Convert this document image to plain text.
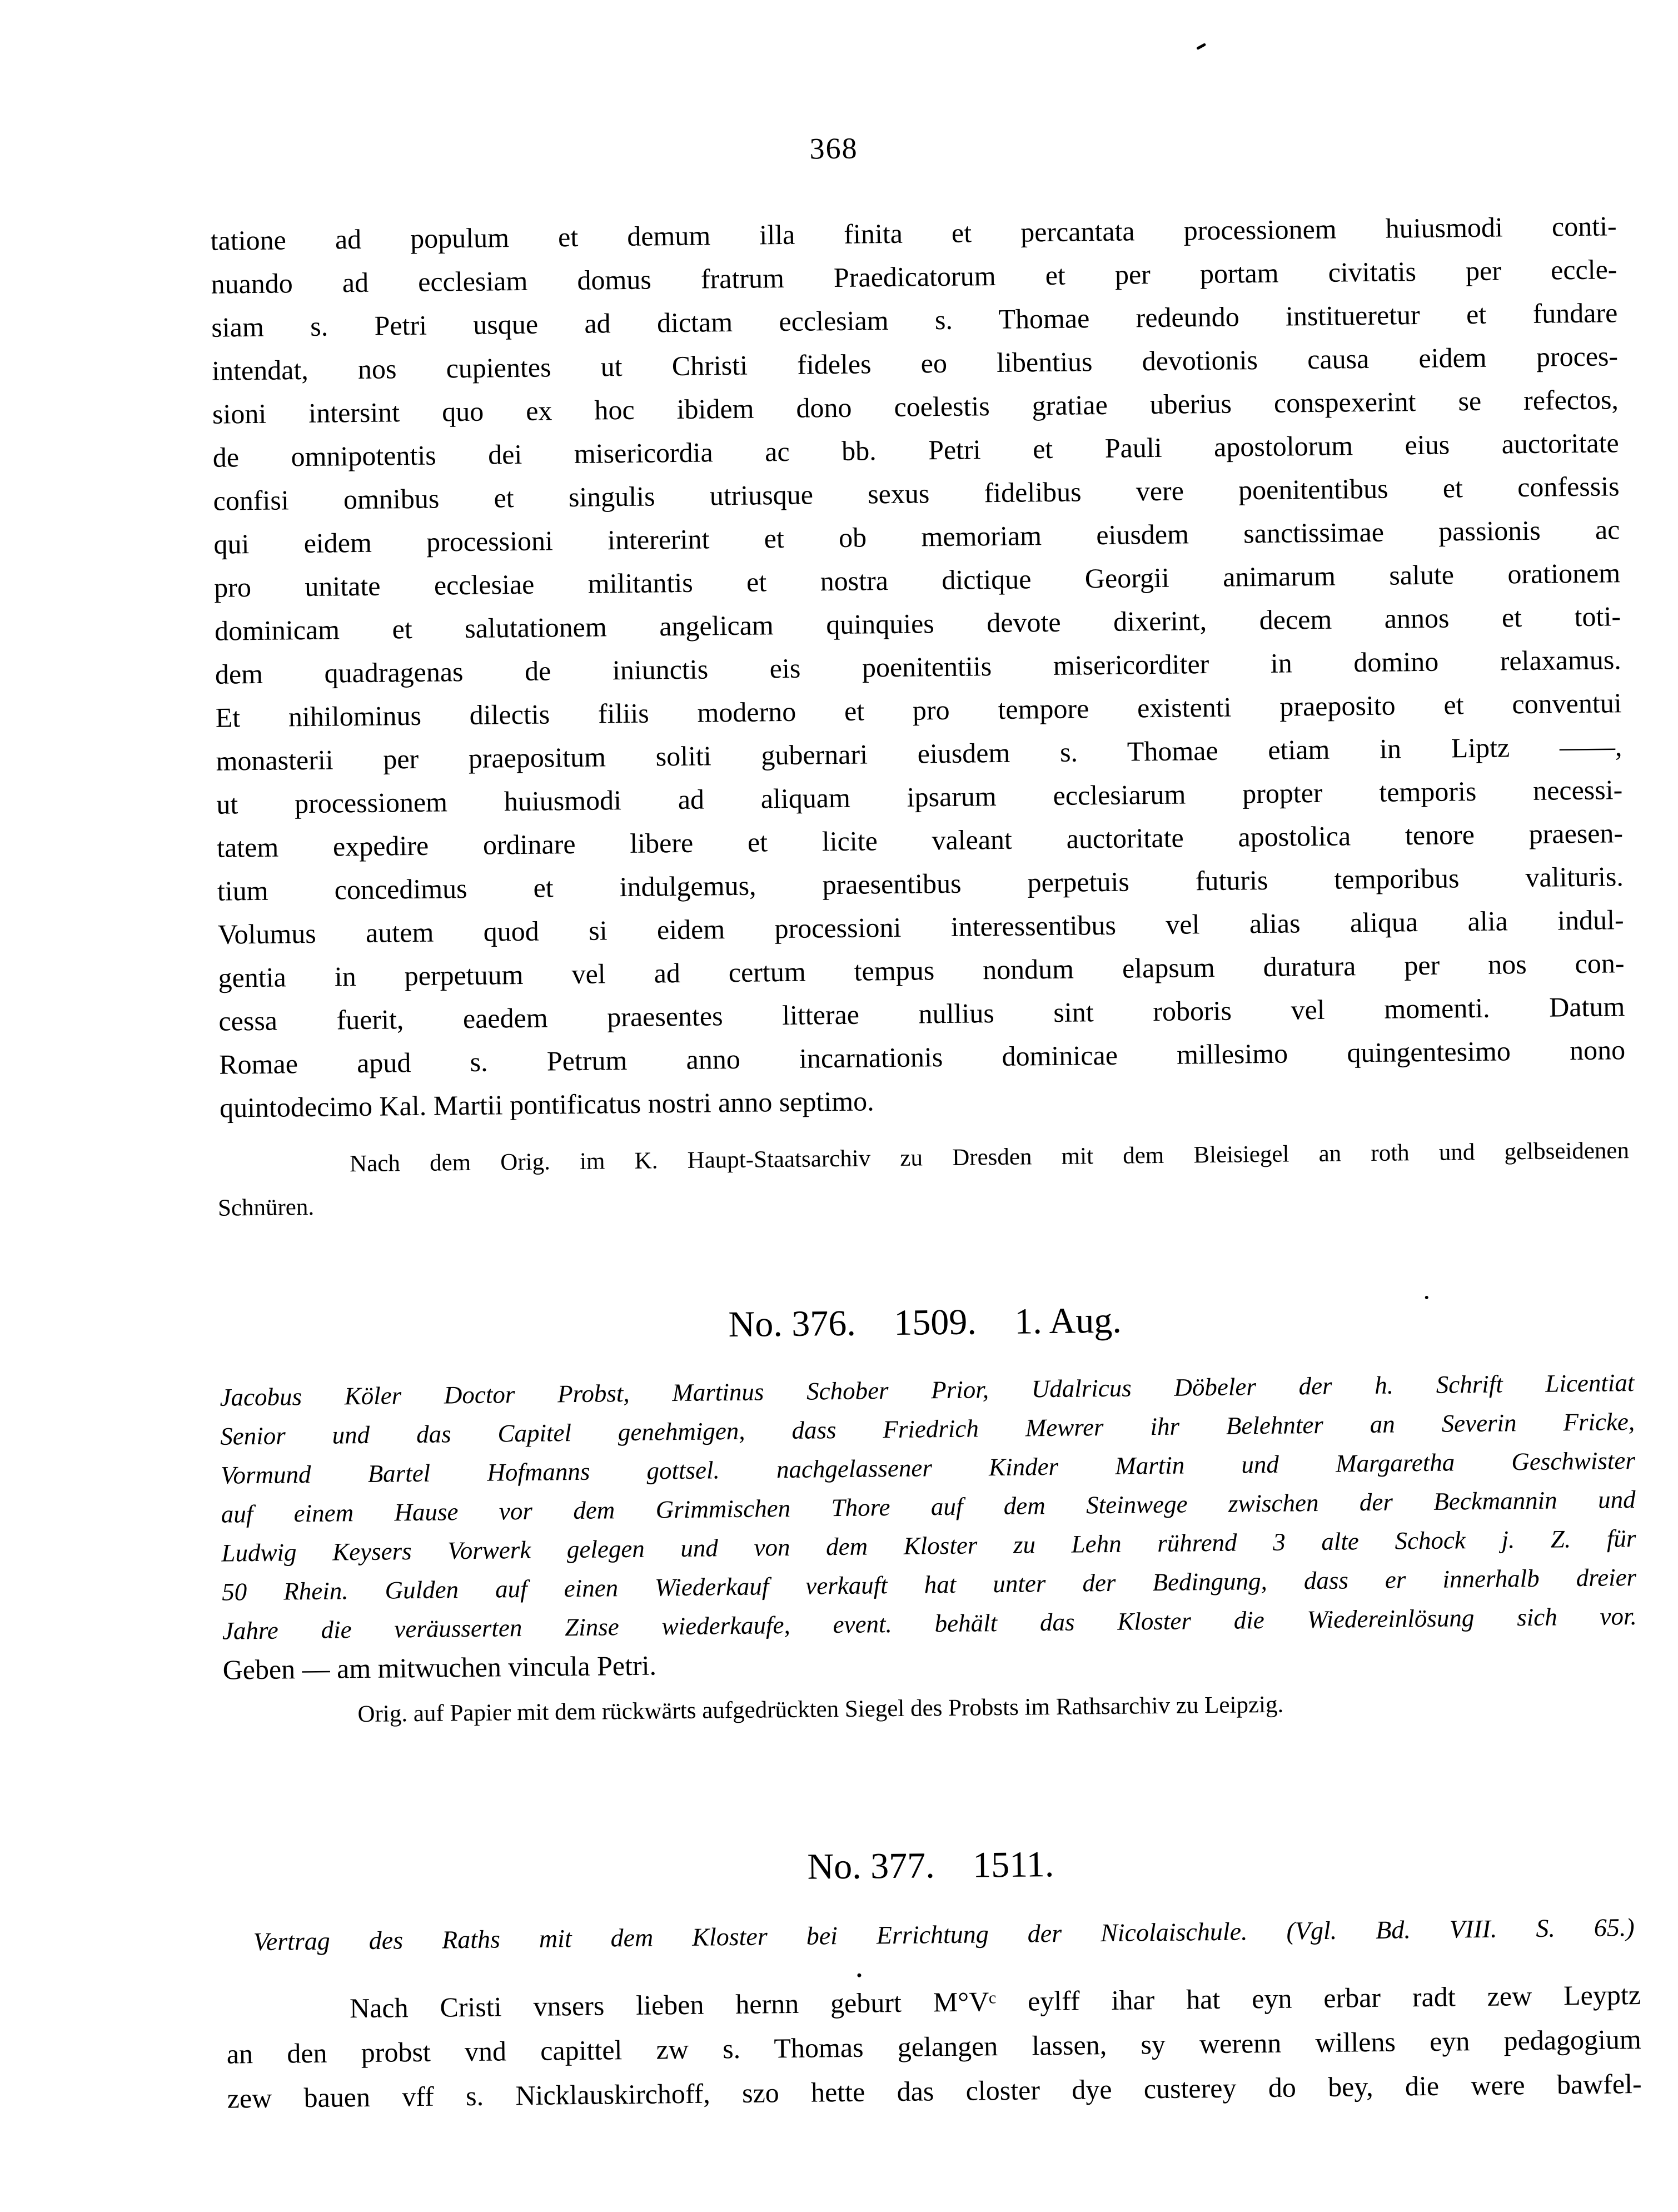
368
tatione ad populum et demum illa finita et percantata processionem huiusmodi conti-
nuando ad ecclesiam domus fratrum Praedicatorum et per portam civitatis per eccle-
siam s. Petri usque ad dictam ecclesiam s. Thomae redeundo institueretur et fundare
intendat, nos cupientes ut Christi fideles eo libentius devotionis causa eidem proces-
sioni intersint quo ex hoc ibidem dono coelestis gratiae uberius conspexerint se refectos,
de omnipotentis dei misericordia ac bb. Petri et Pauli apostolorum eius auctoritate
confisi omnibus et singulis utriusque sexus fidelibus vere poenitentibus et confessis
qui eidem processioni intererint et ob memoriam eiusdem sanctissimae passionis ac
pro unitate ecclesiae militantis et nostra dictique Georgii animarum salute orationem
dominicam et salutationem angelicam quinquies devote dixerint, decem annos et toti-
dem quadragenas de iniunctis eis poenitentiis misericorditer in domino relaxamus.
Et nihilominus dilectis filiis moderno et pro tempore existenti praeposito et conventui
monasterii per praepositum soliti gubernari eiusdem s. Thomae etiam in Liptz ——,
ut processionem huiusmodi ad aliquam ipsarum ecclesiarum propter temporis necessi-
tatem expedire ordinare libere et licite valeant auctoritate apostolica tenore praesen-
tium concedimus et indulgemus, praesentibus perpetuis futuris temporibus valituris.
Volumus autem quod si eidem processioni interessentibus vel alias aliqua alia indul-
gentia in perpetuum vel ad certum tempus nondum elapsum duratura per nos con-
cessa fuerit, eaedem praesentes litterae nullius sint roboris vel momenti. Datum
Romae apud s. Petrum anno incarnationis dominicae millesimo quingentesimo nono
quintodecimo Kal. Martii pontificatus nostri anno septimo.
Nach dem Orig. im K. Haupt-Staatsarchiv zu Dresden mit dem Bleisiegel an roth und gelbseidenen
Schnüren.
No. 376. 1509. 1. Aug.
Jacobus Köler Doctor Probst, Martinus Schober Prior, Udalricus Döbeler der h. Schrift Licentiat
Senior und das Capitel genehmigen, dass Friedrich Mewrer ihr Belehnter an Severin Fricke,
Vormund Bartel Hofmanns gottsel. nachgelassener Kinder Martin und Margaretha Geschwister
auf einem Hause vor dem Grimmischen Thore auf dem Steinwege zwischen der Beckmannin und
Ludwig Keysers Vorwerk gelegen und von dem Kloster zu Lehn rührend 3 alte Schock j. Z. für
50 Rhein. Gulden auf einen Wiederkauf verkauft hat unter der Bedingung, dass er innerhalb dreier
Jahre die veräusserten Zinse wiederkaufe, event. behält das Kloster die Wiedereinlösung sich vor.
Geben — am mitwuchen vincula Petri.
Orig. auf Papier mit dem rückwärts aufgedrückten Siegel des Probsts im Rathsarchiv zu Leipzig.
No. 377. 1511.
Vertrag des Raths mit dem Kloster bei Errichtung der Nicolaischule. (Vgl. Bd. VIII. S. 65.)
Nach Cristi vnsers lieben hernn geburt M°Vᶜ eylff ihar hat eyn erbar radt zew Leyptz
an den probst vnd capittel zw s. Thomas gelangen lassen, sy werenn willens eyn pedagogium
zew bauen vff s. Nicklauskirchoff, szo hette das closter dye custerey do bey, die were bawfel-
